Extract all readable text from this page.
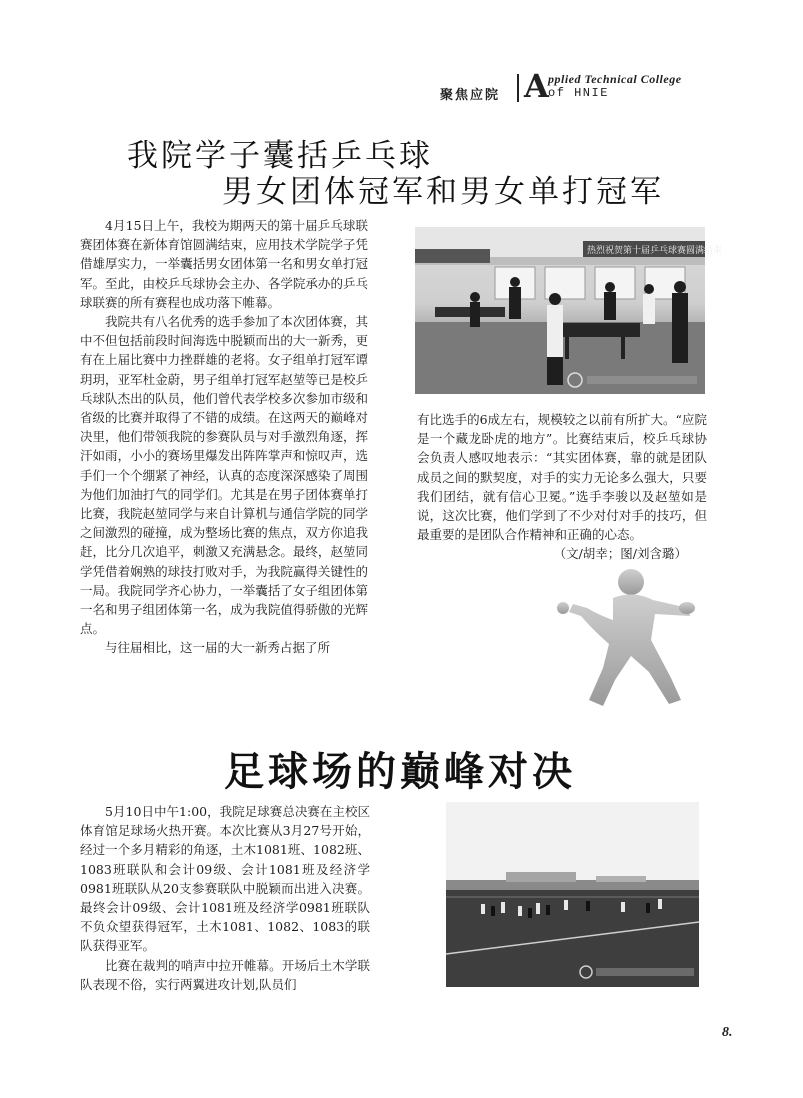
聚焦应院 A pplied Technical College
of HNIE
我院学子囊括乒乓球
男女团体冠军和男女单打冠军

4月15日上午，我校为期两天的第十届乒乓球联赛团体赛在新体育馆圆满结束，应用技术学院学子凭借雄厚实力，一举囊括男女团体第一名和男女单打冠军。至此，由校乒乓球协会主办、各学院承办的乒乓球联赛的所有赛程也成功落下帷幕。

我院共有八名优秀的选手参加了本次团体赛，其中不但包括前段时间海选中脱颖而出的大一新秀，更有在上届比赛中力挫群雄的老将。女子组单打冠军谭玥玥，亚军杜金蔚，男子组单打冠军赵堃等已是校乒乓球队杰出的队员，他们曾代表学校多次参加市级和省级的比赛并取得了不错的成绩。在这两天的巅峰对决里，他们带领我院的参赛队员与对手激烈角逐，挥汗如雨，小小的赛场里爆发出阵阵掌声和惊叹声，选手们一个个绷紧了神经，认真的态度深深感染了周围为他们加油打气的同学们。尤其是在男子团体赛单打比赛，我院赵堃同学与来自计算机与通信学院的同学之间激烈的碰撞，成为整场比赛的焦点，双方你追我赶，比分几次追平，刺激又充满悬念。最终，赵堃同学凭借着娴熟的球技打败对手，为我院赢得关键性的一局。我院同学齐心协力，一举囊括了女子组团体第一名和男子组团体第一名，成为我院值得骄傲的光辉点。

与往届相比，这一届的大一新秀占据了所

热烈祝贺第十届乒乓球赛圆满结束

有比选手的6成左右，规模较之以前有所扩大。“应院是一个藏龙卧虎的地方”。比赛结束后，校乒乓球协会负责人感叹地表示：“其实团体赛，靠的就是团队成员之间的默契度，对手的实力无论多么强大，只要我们团结，就有信心卫冕。”选手李骏以及赵堃如是说，这次比赛，他们学到了不少对付对手的技巧，但最重要的是团队合作精神和正确的心态。

（文/胡幸；图/刘含璐）

足球场的巅峰对决

5月10日中午1:00，我院足球赛总决赛在主校区体育馆足球场火热开赛。本次比赛从3月27号开始，经过一个多月精彩的角逐，土木1081班、1082班、1083班联队和会计09级、会计1081班及经济学0981班联队从20支参赛联队中脱颖而出进入决赛。最终会计09级、会计1081班及经济学0981班联队不负众望获得冠军，土木1081、1082、1083的联队获得亚军。

比赛在裁判的哨声中拉开帷幕。开场后土木学联队表现不俗，实行两翼进攻计划,队员们

8.
